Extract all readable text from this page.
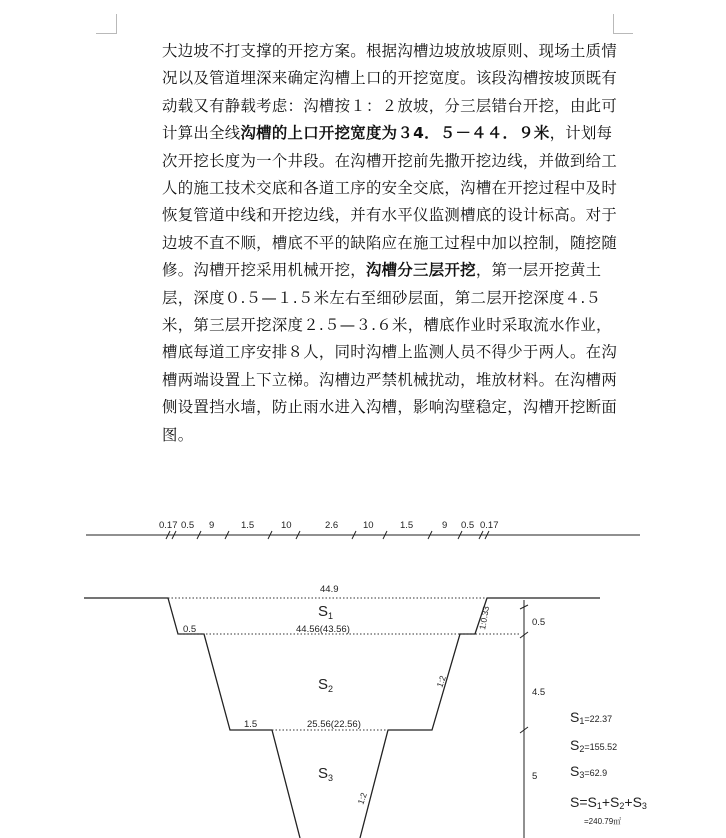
大边坡不打支撑的开挖方案。根据沟槽边坡放坡原则、现场土质情况以及管道埋深来确定沟槽上口的开挖宽度。该段沟槽按坡顶既有动载又有静载考虑：沟槽按１：２放坡，分三层错台开挖，由此可计算出全线沟槽的上口开挖宽度为３4．５－４４．９米，计划每次开挖长度为一个井段。在沟槽开挖前先撒开挖边线，并做到给工人的施工技术交底和各道工序的安全交底，沟槽在开挖过程中及时恢复管道中线和开挖边线，并有水平仪监测槽底的设计标高。对于边坡不直不顺，槽底不平的缺陷应在施工过程中加以控制，随挖随修。沟槽开挖采用机械开挖，沟槽分三层开挖，第一层开挖黄土层，深度０.５—１.５米左右至细砂层面，第二层开挖深度４.５米，第三层开挖深度２.５—３.６米，槽底作业时采取流水作业，槽底每道工序安排８人，同时沟槽上监测人员不得少于两人。在沟槽两端设置上下立梯。沟槽边严禁机械扰动，堆放材料。在沟槽两侧设置挡水墙，防止雨水进入沟槽，影响沟壁稳定，沟槽开挖断面图。

0.17 0.5 9	1.5	10	2.6	10	1.5	9 0.5 0.17
44.9
44.56(43.56)
25.56(22.56)
0.5
1.5
1:0.33
1:2
1:2
$S_1$
$S_2$
$S_3$
0.5
4.5
5
S1=22.37
S2=155.52
S3=62.9
S=S1+S2+S3
=240.79㎡
